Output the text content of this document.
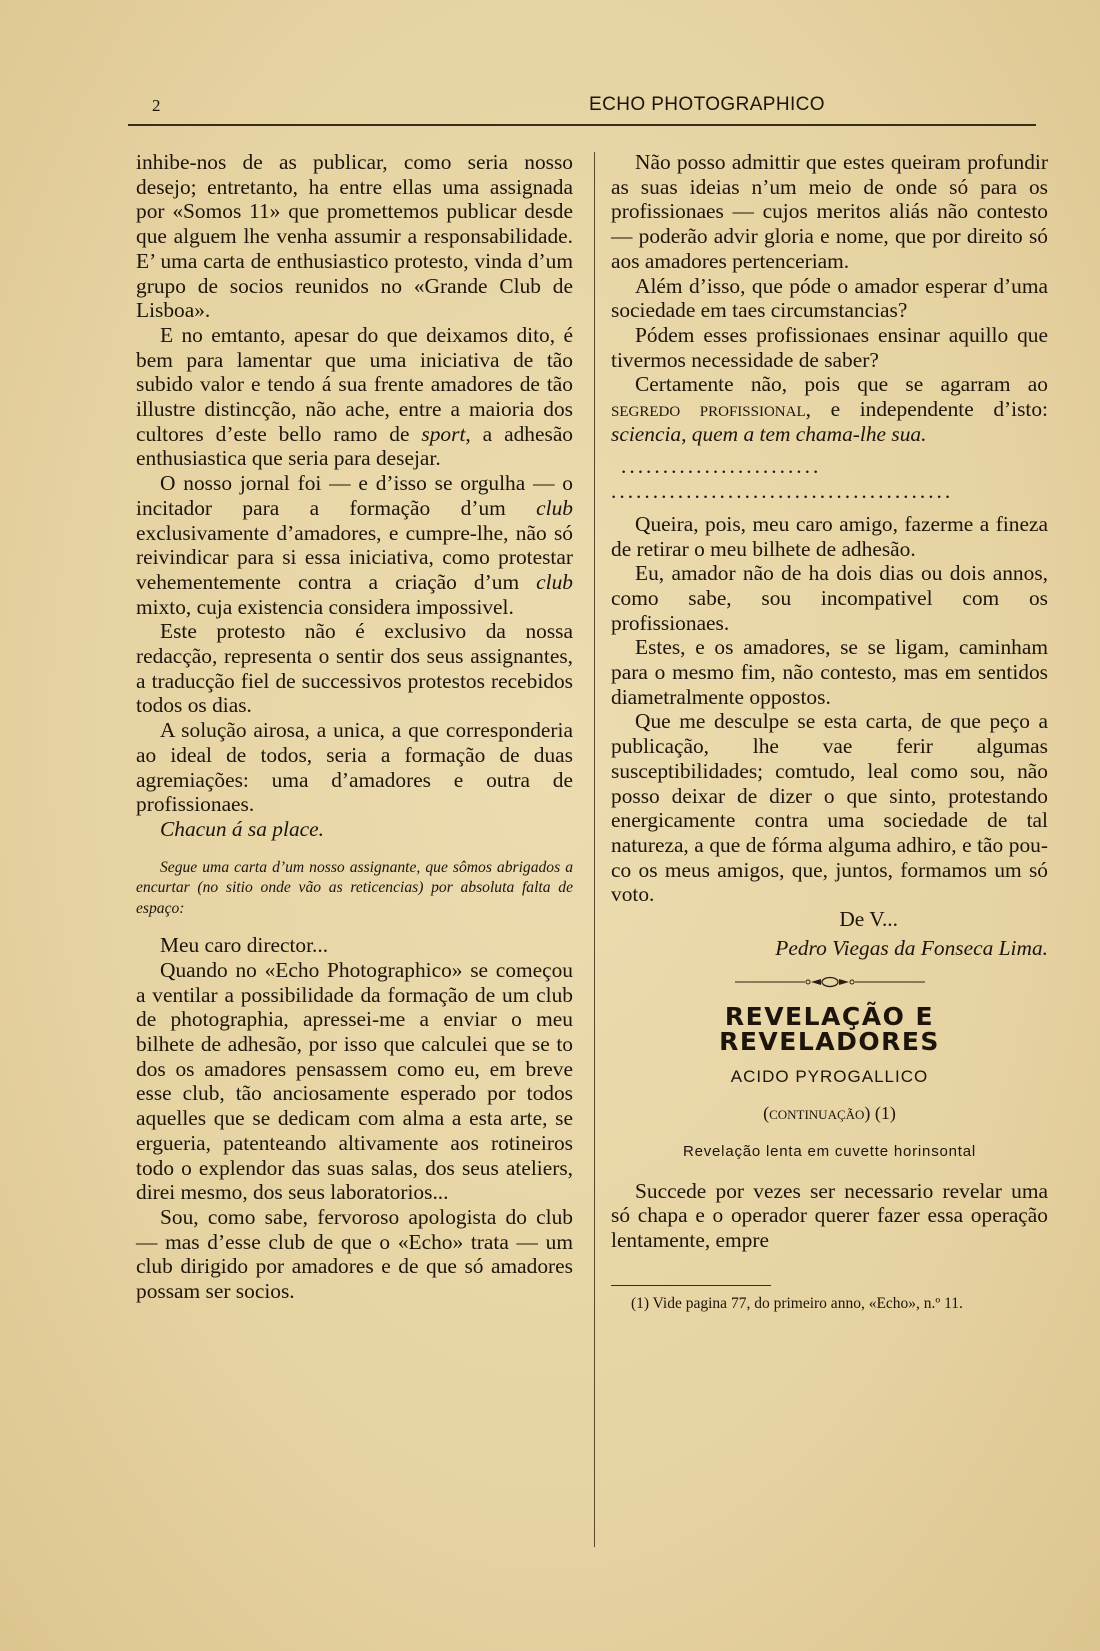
2	ECHO PHOTOGRAPHICO

inhibe-nos de as publicar, como seria nosso desejo; entretanto, ha entre ellas uma assignada por «Somos 11» que promettemos publicar desde que alguem lhe venha assumir a responsabilidade. E’ uma carta de enthusiastico protesto, vinda d’um grupo de socios reunidos no «Grande Club de Lisboa».

E no emtanto, apesar do que deixamos dito, é bem para lamentar que uma iniciativa de tão subido valor e tendo á sua frente amadores de tão illustre distincção, não ache, entre a maioria dos cultores d’este bello ramo de sport, a adhesão enthusiastica que seria para desejar.

O nosso jornal foi — e d’isso se orgulha — o incitador para a formação d’um club exclusivamente d’amadores, e cumpre-lhe, não só reivindicar para si essa iniciativa, como protestar vehementemente contra a criação d’um club mixto, cuja existencia considera impossivel.

Este protesto não é exclusivo da nossa redacção, representa o sentir dos seus assignantes, a traducção fiel de successivos protestos recebidos todos os dias.

A solução airosa, a unica, a que corresponderia ao ideal de todos, seria a formação de duas agremiações: uma d’amadores e outra de profissionaes.

Chacun á sa place.

Segue uma carta d’um nosso assignante, que sômos abrigados a encurtar (no sitio onde vão as reticencias) por absoluta falta de espaço:

Meu caro director...

Quando no «Echo Photographico» se começou a ventilar a possibilidade da formação de um club de photographia, apressei-me a enviar o meu bilhete de adhesão, por isso que calculei que se to dos os amadores pensassem como eu, em breve esse club, tão anciosamente esperado por todos aquelles que se dedicam com alma a esta arte, se ergueria, patenteando altivamente aos rotineiros todo o explendor das suas salas, dos seus ateliers, direi mesmo, dos seus laboratorios...

Sou, como sabe, fervoroso apologista do club — mas d’esse club de que o «Echo» trata — um club dirigido por amadores e de que só amadores possam ser socios.

Não posso admittir que estes queiram profundir as suas ideias n’um meio de onde só para os profissionaes — cujos meritos aliás não contesto — poderão advir gloria e nome, que por direito só aos amadores pertenceriam.

Além d’isso, que póde o amador esperar d’uma sociedade em taes circumstancias?

Pódem esses profissionaes ensinar aquillo que tivermos necessidade de saber?

Certamente não, pois que se agarram ao segredo profissional, e independente d’isto: sciencia, quem a tem chama-lhe sua.

........................

.........................................

Queira, pois, meu caro amigo, fazerme a fineza de retirar o meu bilhete de adhesão.

Eu, amador não de ha dois dias ou dois annos, como sabe, sou incompativel com os profissionaes.

Estes, e os amadores, se se ligam, caminham para o mesmo fim, não contesto, mas em sentidos diametralmente oppostos.

Que me desculpe se esta carta, de que peço a publicação, lhe vae ferir algumas susceptibilidades; comtudo, leal como sou, não posso deixar de dizer o que sinto, protestando energicamente contra uma sociedade de tal natureza, a que de fórma alguma adhiro, e tão pouco os meus amigos, que, juntos, formamos um só voto.

De V...

Pedro Viegas da Fonseca Lima.

REVELAÇÃO E REVELADORES
ACIDO PYROGALLICO
(continuação) (1)
Revelação lenta em cuvette horinsontal

Succede por vezes ser necessario revelar uma só chapa e o operador querer fazer essa operação lentamente, empre

(1) Vide pagina 77, do primeiro anno, «Echo», n.º 11.
